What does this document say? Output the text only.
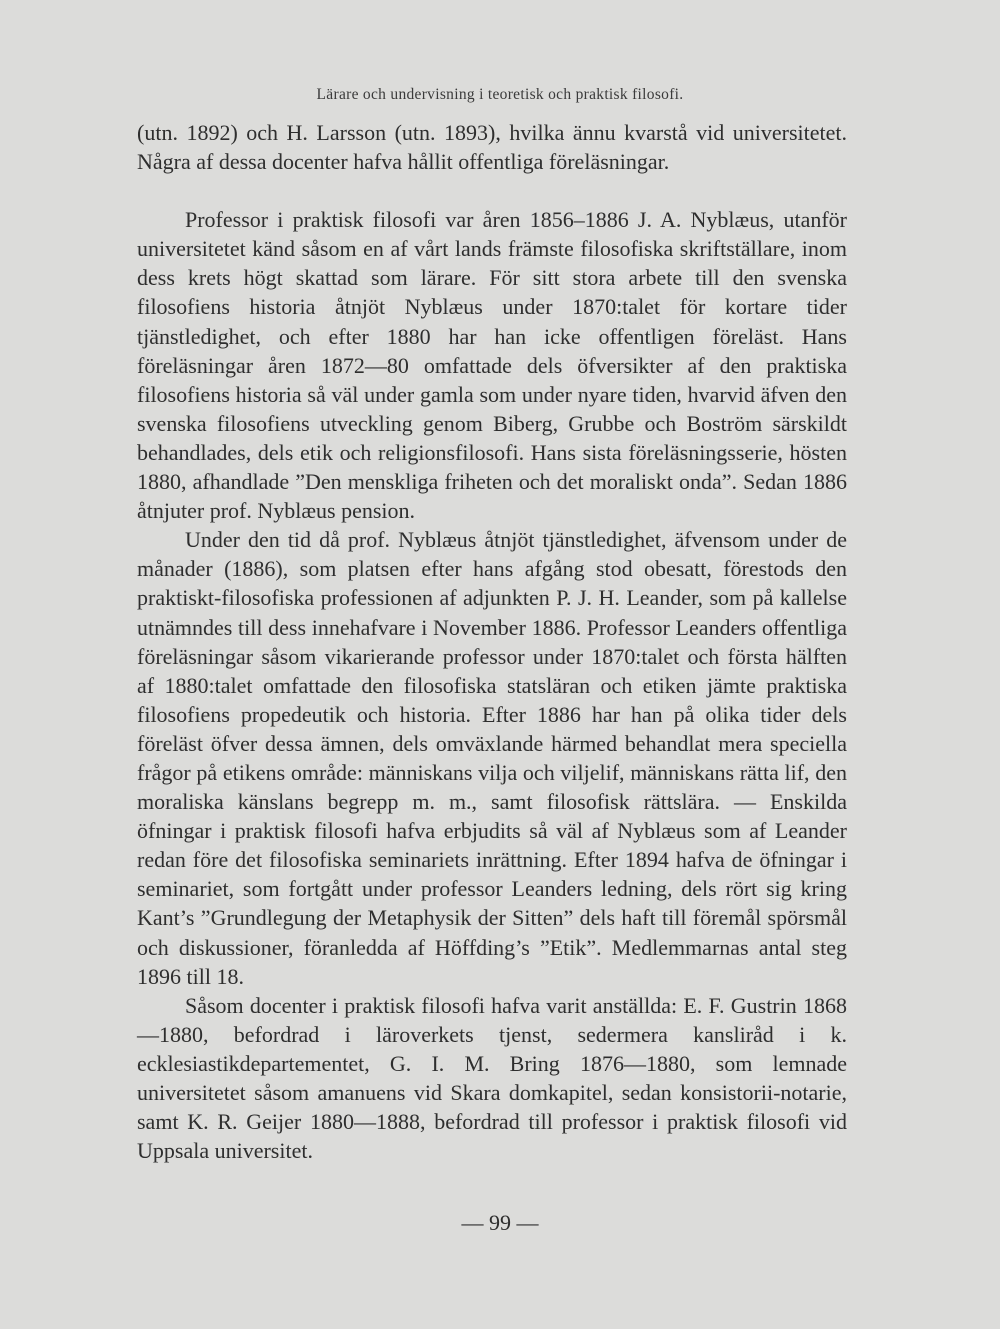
Lärare och undervisning i teoretisk och praktisk filosofi.

(utn. 1892) och H. Larsson (utn. 1893), hvilka ännu kvarstå vid universitetet. Några af dessa docenter hafva hållit offentliga föreläsningar.

Professor i praktisk filosofi var åren 1856–1886 J. A. Nyblæus, utanför universitetet känd såsom en af vårt lands främste filosofiska skriftställare, inom dess krets högt skattad som lärare. För sitt stora arbete till den svenska filosofiens historia åtnjöt Nyblæus under 1870:talet för kortare tider tjänstledighet, och efter 1880 har han icke offentligen föreläst. Hans föreläsningar åren 1872—80 omfattade dels öfversikter af den praktiska filosofiens historia så väl under gamla som under nyare tiden, hvarvid äfven den svenska filosofiens utveckling genom Biberg, Grubbe och Boström särskildt behandlades, dels etik och religionsfilosofi. Hans sista föreläsningsserie, hösten 1880, afhandlade ”Den menskliga friheten och det moraliskt onda”. Sedan 1886 åtnjuter prof. Nyblæus pension.

Under den tid då prof. Nyblæus åtnjöt tjänstledighet, äfvensom under de månader (1886), som platsen efter hans afgång stod obesatt, förestods den praktiskt-filosofiska professionen af adjunkten P. J. H. Leander, som på kallelse utnämndes till dess innehafvare i November 1886. Professor Leanders offentliga föreläsningar såsom vikarierande professor under 1870:talet och första hälften af 1880:talet omfattade den filosofiska statsläran och etiken jämte praktiska filosofiens propedeutik och historia. Efter 1886 har han på olika tider dels föreläst öfver dessa ämnen, dels omväxlande härmed behandlat mera speciella frågor på etikens område: människans vilja och viljelif, människans rätta lif, den moraliska känslans begrepp m. m., samt filosofisk rättslära. — Enskilda öfningar i praktisk filosofi hafva erbjudits så väl af Nyblæus som af Leander redan före det filosofiska seminariets inrättning. Efter 1894 hafva de öfningar i seminariet, som fortgått under professor Leanders ledning, dels rört sig kring Kant’s ”Grundlegung der Metaphysik der Sitten” dels haft till föremål spörsmål och diskussioner, föranledda af Höffding’s ”Etik”. Medlemmarnas antal steg 1896 till 18.

Såsom docenter i praktisk filosofi hafva varit anställda: E. F. Gustrin 1868—1880, befordrad i läroverkets tjenst, sedermera kansliråd i k. ecklesiastikdepartementet, G. I. M. Bring 1876—1880, som lemnade universitetet såsom amanuens vid Skara domkapitel, sedan konsistorii-notarie, samt K. R. Geijer 1880—1888, befordrad till professor i praktisk filosofi vid Uppsala universitet.

— 99 —
